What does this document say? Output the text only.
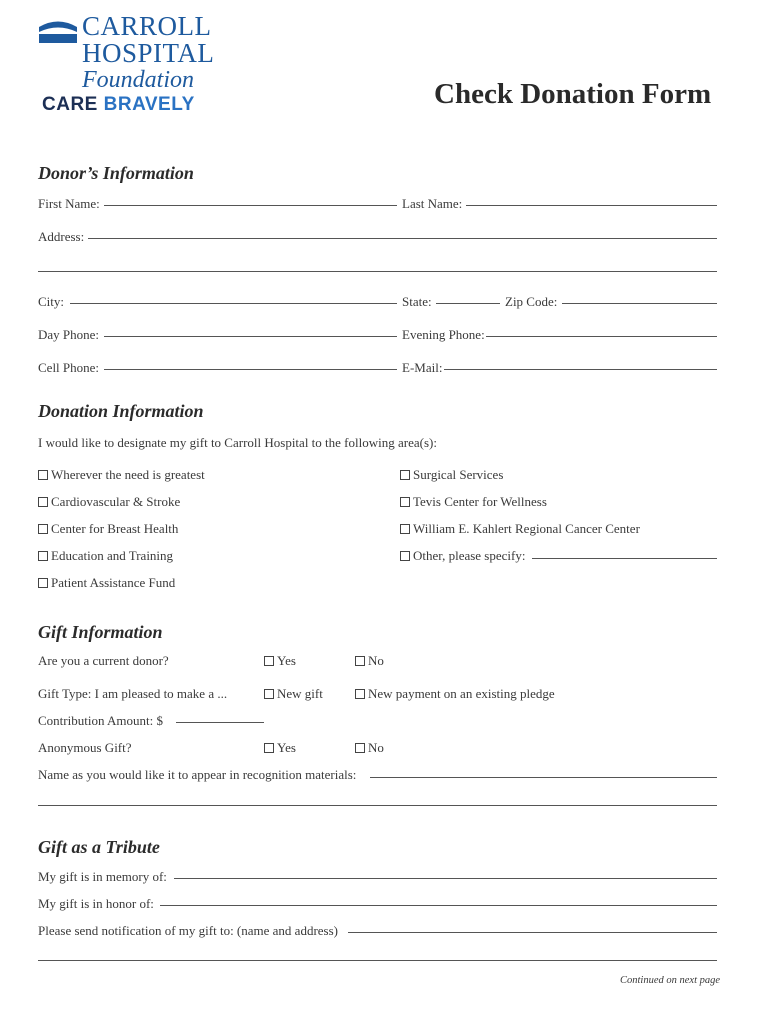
CARROLL
HOSPITAL
Foundation
CARE BRAVELY	Check Donation Form
Donor’s Information
First Name:	Last Name:
Address:
City:	State:	Zip Code:
Day Phone:	Evening Phone:
Cell Phone:	E-Mail:
Donation Information
I would like to designate my gift to Carroll Hospital to the following area(s):
Wherever the need is greatest
Cardiovascular & Stroke
Center for Breast Health
Education and Training
Patient Assistance Fund
Surgical Services
Tevis Center for Wellness
William E. Kahlert Regional Cancer Center
Other, please specify:
Gift Information
Are you a current donor?	Yes	No
Gift Type: I am pleased to make a ...	New gift	New payment on an existing pledge
Contribution Amount: $
Anonymous Gift?	Yes	No
Name as you would like it to appear in recognition materials:
Gift as a Tribute
My gift is in memory of:
My gift is in honor of:
Please send notification of my gift to: (name and address)
Continued on next page
